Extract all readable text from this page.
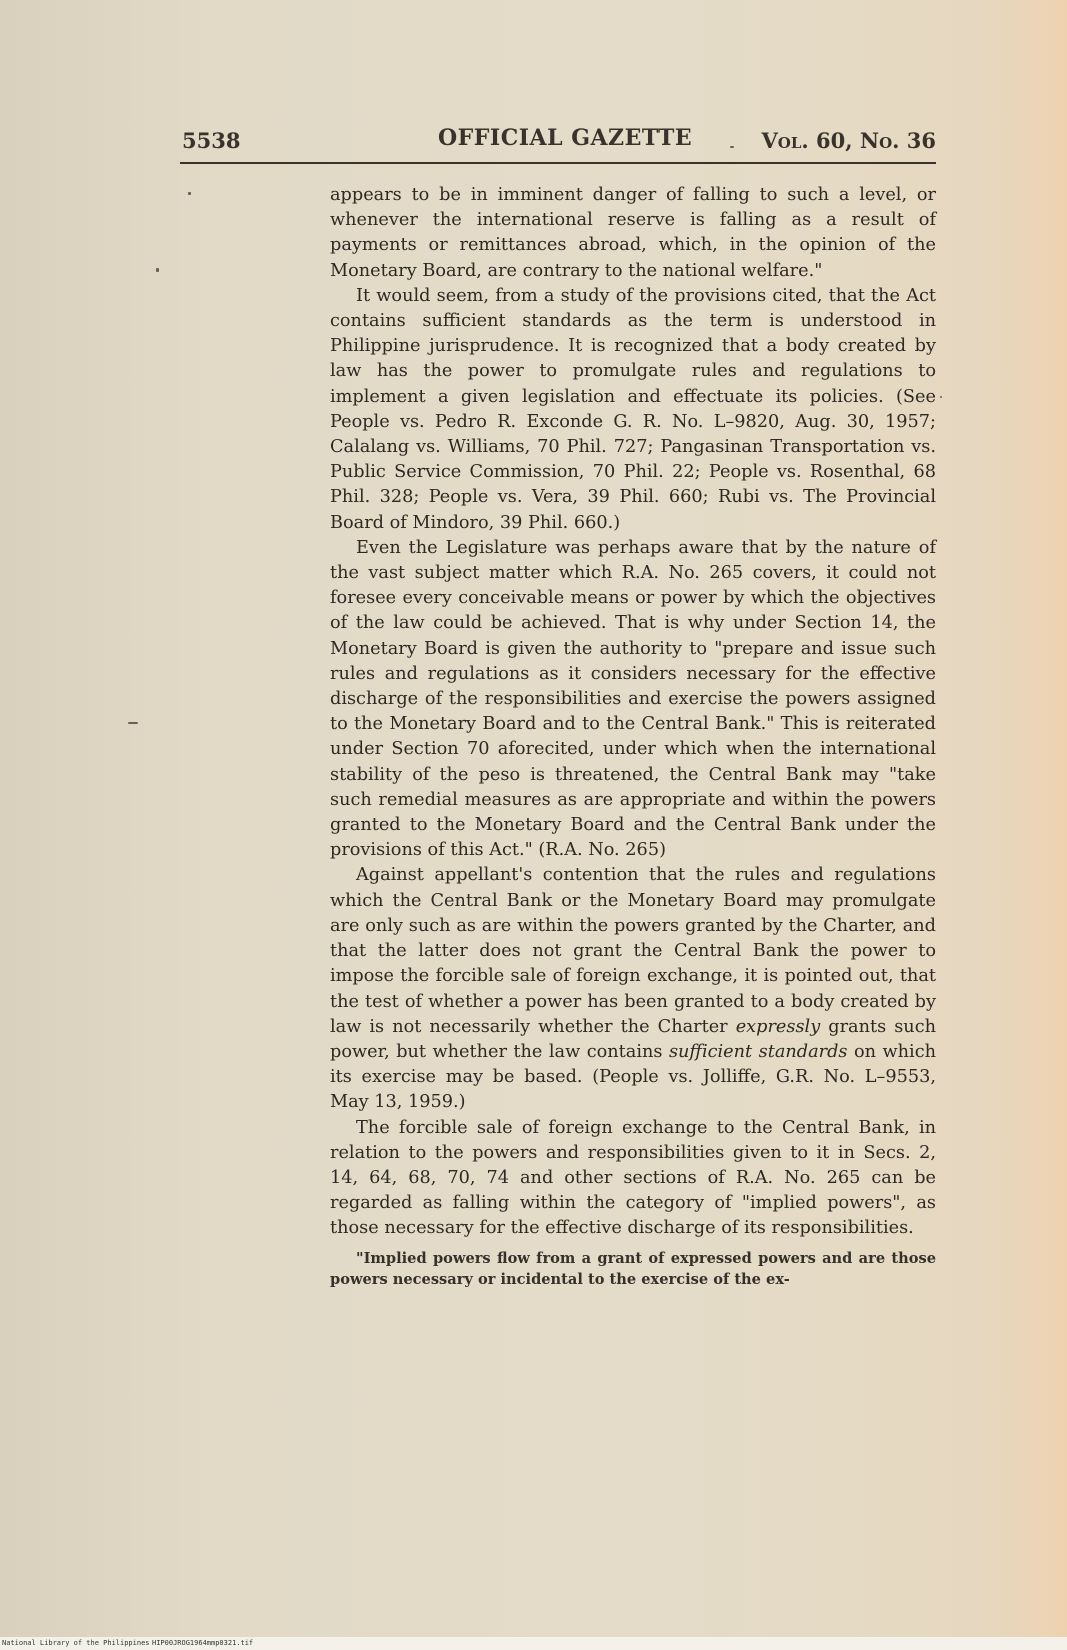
5538	OFFICIAL GAZETTE	Vol. 60, No. 36

appears to be in imminent danger of falling to such a level, or whenever the international reserve is falling as a result of payments or remittances abroad, which, in the opinion of the Monetary Board, are contrary to the national welfare."

It would seem, from a study of the provisions cited, that the Act contains sufficient standards as the term is understood in Philippine jurisprudence. It is recognized that a body created by law has the power to promulgate rules and regulations to implement a given legislation and effectuate its policies. (See People vs. Pedro R. Exconde G. R. No. L–9820, Aug. 30, 1957; Calalang vs. Williams, 70 Phil. 727; Pangasinan Transportation vs. Public Service Commission, 70 Phil. 22; People vs. Rosenthal, 68 Phil. 328; People vs. Vera, 39 Phil. 660; Rubi vs. The Provincial Board of Mindoro, 39 Phil. 660.)

Even the Legislature was perhaps aware that by the nature of the vast subject matter which R.A. No. 265 covers, it could not foresee every conceivable means or power by which the objectives of the law could be achieved. That is why under Section 14, the Monetary Board is given the authority to "prepare and issue such rules and regulations as it considers necessary for the effective discharge of the responsibilities and exercise the powers assigned to the Monetary Board and to the Central Bank." This is reiterated under Section 70 aforecited, under which when the international stability of the peso is threatened, the Central Bank may "take such remedial measures as are appropriate and within the powers granted to the Monetary Board and the Central Bank under the provisions of this Act." (R.A. No. 265)

Against appellant's contention that the rules and regulations which the Central Bank or the Monetary Board may promulgate are only such as are within the powers granted by the Charter, and that the latter does not grant the Central Bank the power to impose the forcible sale of foreign exchange, it is pointed out, that the test of whether a power has been granted to a body created by law is not necessarily whether the Charter expressly grants such power, but whether the law contains sufficient standards on which its exercise may be based. (People vs. Jolliffe, G.R. No. L–9553, May 13, 1959.)

The forcible sale of foreign exchange to the Central Bank, in relation to the powers and responsibilities given to it in Secs. 2, 14, 64, 68, 70, 74 and other sections of R.A. No. 265 can be regarded as falling within the category of "implied powers", as those necessary for the effective discharge of its responsibilities.

"Implied powers flow from a grant of expressed powers and are those powers necessary or incidental to the exercise of the ex-

National Library of the Philippines HIP00JROG1964mmp0321.tif
